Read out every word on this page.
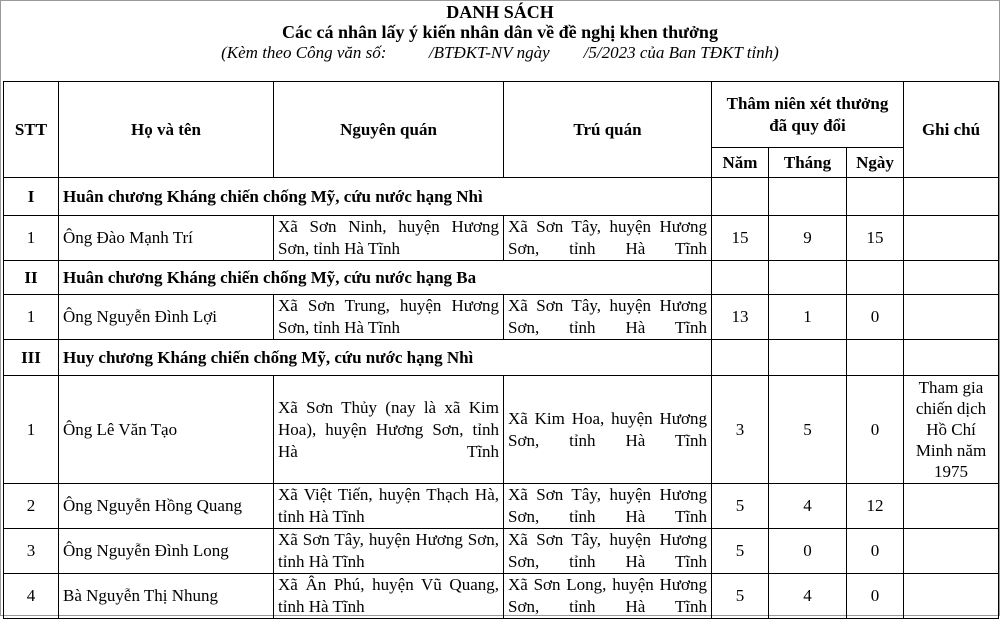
DANH SÁCH
Các cá nhân lấy ý kiến nhân dân về đề nghị khen thưởng
(Kèm theo Công văn số:          /BTĐKT-NV ngày        /5/2023 của Ban TĐKT tỉnh)
STT	Họ và tên	Nguyên quán	Trú quán	Thâm niên xét thưởng đã quy đổi			Ghi chú
				Năm	Tháng	Ngày	
I	Huân chương Kháng chiến chống Mỹ, cứu nước hạng Nhì						
1	Ông Đào Mạnh Trí	Xã Sơn Ninh, huyện Hương Sơn, tỉnh Hà Tĩnh	Xã Sơn Tây, huyện Hương Sơn, tỉnh Hà Tĩnh	15	9	15	
II	Huân chương Kháng chiến chống Mỹ, cứu nước hạng Ba						
1	Ông Nguyễn Đình Lợi	Xã Sơn Trung, huyện Hương Sơn, tỉnh Hà Tĩnh	Xã Sơn Tây, huyện Hương Sơn, tỉnh Hà Tĩnh	13	1	0	
III	Huy chương Kháng chiến chống Mỹ, cứu nước hạng Nhì						
1	Ông Lê Văn Tạo	Xã Sơn Thủy (nay là xã Kim Hoa), huyện Hương Sơn, tỉnh Hà Tĩnh	Xã Kim Hoa, huyện Hương Sơn, tỉnh Hà Tĩnh	3	5	0	Tham gia chiến dịch Hồ Chí Minh năm 1975
2	Ông Nguyễn Hồng Quang	Xã Việt Tiến, huyện Thạch Hà, tỉnh Hà Tĩnh	Xã Sơn Tây, huyện Hương Sơn, tỉnh Hà Tĩnh	5	4	12	
3	Ông Nguyễn Đình Long	Xã Sơn Tây, huyện Hương Sơn, tỉnh Hà Tĩnh	Xã Sơn Tây, huyện Hương Sơn, tỉnh Hà Tĩnh	5	0	0	
4	Bà Nguyễn Thị Nhung	Xã Ân Phú, huyện Vũ Quang, tỉnh Hà Tĩnh	Xã Sơn Long, huyện Hương Sơn, tỉnh Hà Tĩnh	5	4	0	
